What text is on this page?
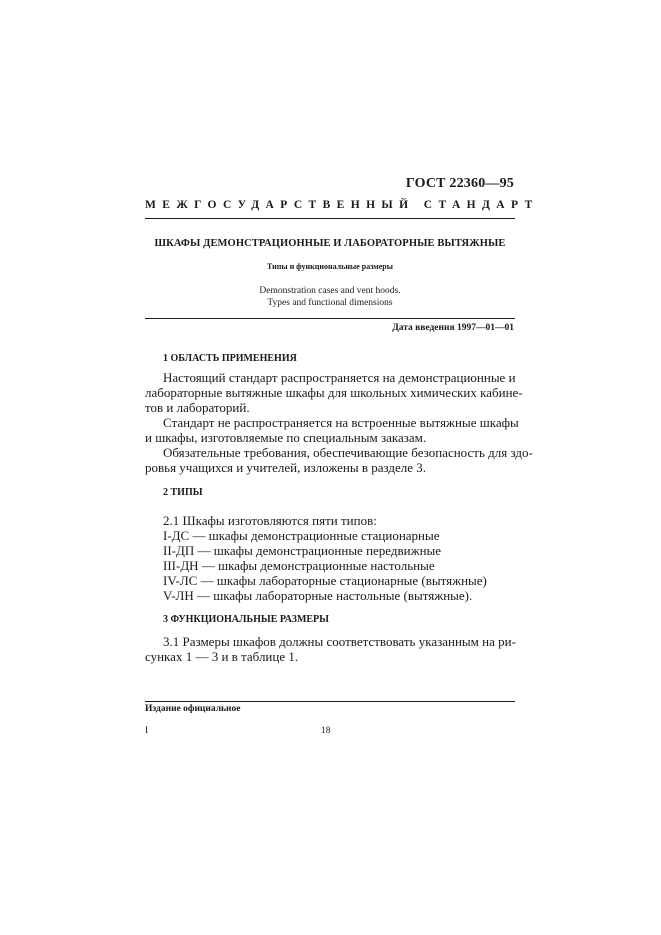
ГОСТ 22360—95
МЕЖГОСУДАРСТВЕННЫЙ СТАНДАРТ
ШКАФЫ ДЕМОНСТРАЦИОННЫЕ И ЛАБОРАТОРНЫЕ ВЫТЯЖНЫЕ
Типы и функциональные размеры
Demonstration cases and vent hoods.
Types and functional dimensions
Дата введения 1997—01—01
1 ОБЛАСТЬ ПРИМЕНЕНИЯ
Настоящий стандарт распространяется на демонстрационные и
лабораторные вытяжные шкафы для школьных химических кабине-
тов и лабораторий.
Стандарт не распространяется на встроенные вытяжные шкафы
и шкафы, изготовляемые по специальным заказам.
Обязательные требования, обеспечивающие безопасность для здо-
ровья учащихся и учителей, изложены в разделе 3.
2 ТИПЫ
2.1 Шкафы изготовляются пяти типов:
I-ДС — шкафы демонстрационные стационарные
II-ДП — шкафы демонстрационные передвижные
III-ДН — шкафы демонстрационные настольные
IV-ЛС — шкафы лабораторные стационарные (вытяжные)
V-ЛН — шкафы лабораторные настольные (вытяжные).
3 ФУНКЦИОНАЛЬНЫЕ РАЗМЕРЫ
3.1 Размеры шкафов должны соответствовать указанным на ри-
сунках 1 — 3 и в таблице 1.
Издание официальное
I	18
